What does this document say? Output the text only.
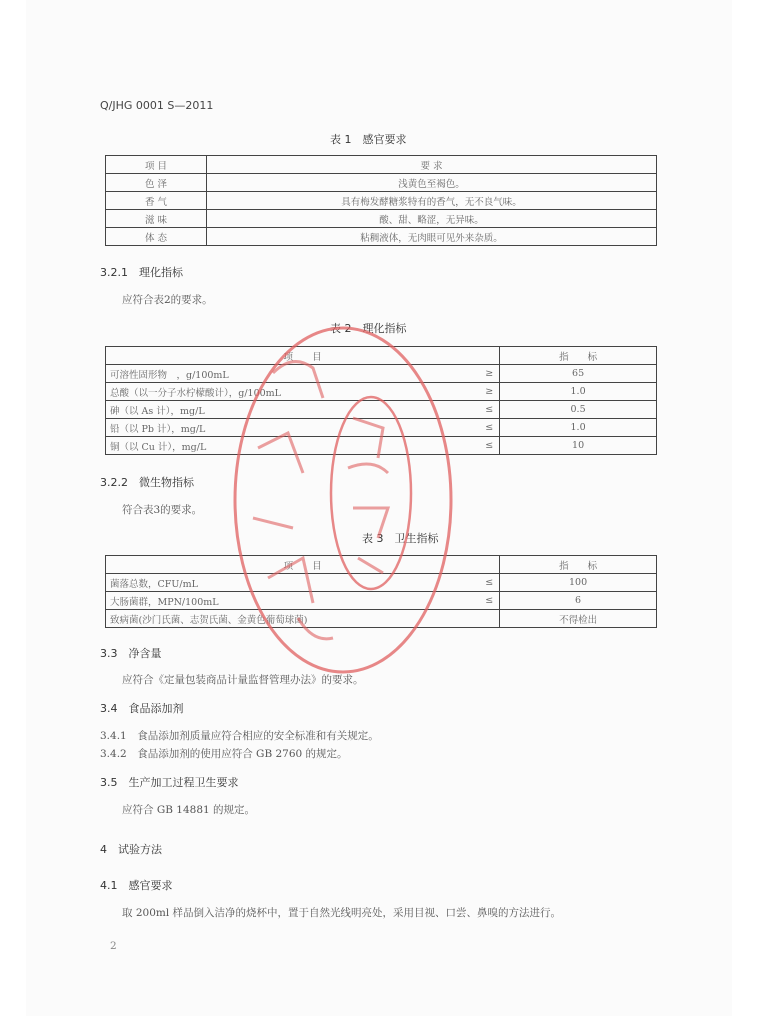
Q/JHG 0001 S—2011
表 1　感官要求
项 目	要 求
色 泽	浅黄色至褐色。
香 气	具有梅发酵糖浆特有的香气，无不良气味。
滋 味	酸、甜、略涩，无异味。
体 态	粘稠液体，无肉眼可见外来杂质。
3.2.1　理化指标
应符合表2的要求。
表 2　理化指标
项　　目		指　　标
可溶性固形物　，g/100mL	≥	65
总酸（以一分子水柠檬酸计），g/100mL	≥	1.0
砷（以 As 计），mg/L	≤	0.5
铅（以 Pb 计），mg/L	≤	1.0
铜（以 Cu 计），mg/L	≤	10
3.2.2　微生物指标
符合表3的要求。
表 3　卫生指标
项　　目		指　　标
菌落总数，CFU/mL	≤	100
大肠菌群，MPN/100mL	≤	6
致病菌(沙门氏菌、志贺氏菌、金黄色葡萄球菌)		不得检出
3.3　净含量
应符合《定量包装商品计量监督管理办法》的要求。
3.4　食品添加剂
3.4.1　食品添加剂质量应符合相应的安全标准和有关规定。
3.4.2　食品添加剂的使用应符合 GB 2760 的规定。
3.5　生产加工过程卫生要求
应符合 GB 14881 的规定。
4　试验方法
4.1　感官要求
取 200ml 样品倒入洁净的烧杯中，置于自然光线明亮处，采用目视、口尝、鼻嗅的方法进行。
2
